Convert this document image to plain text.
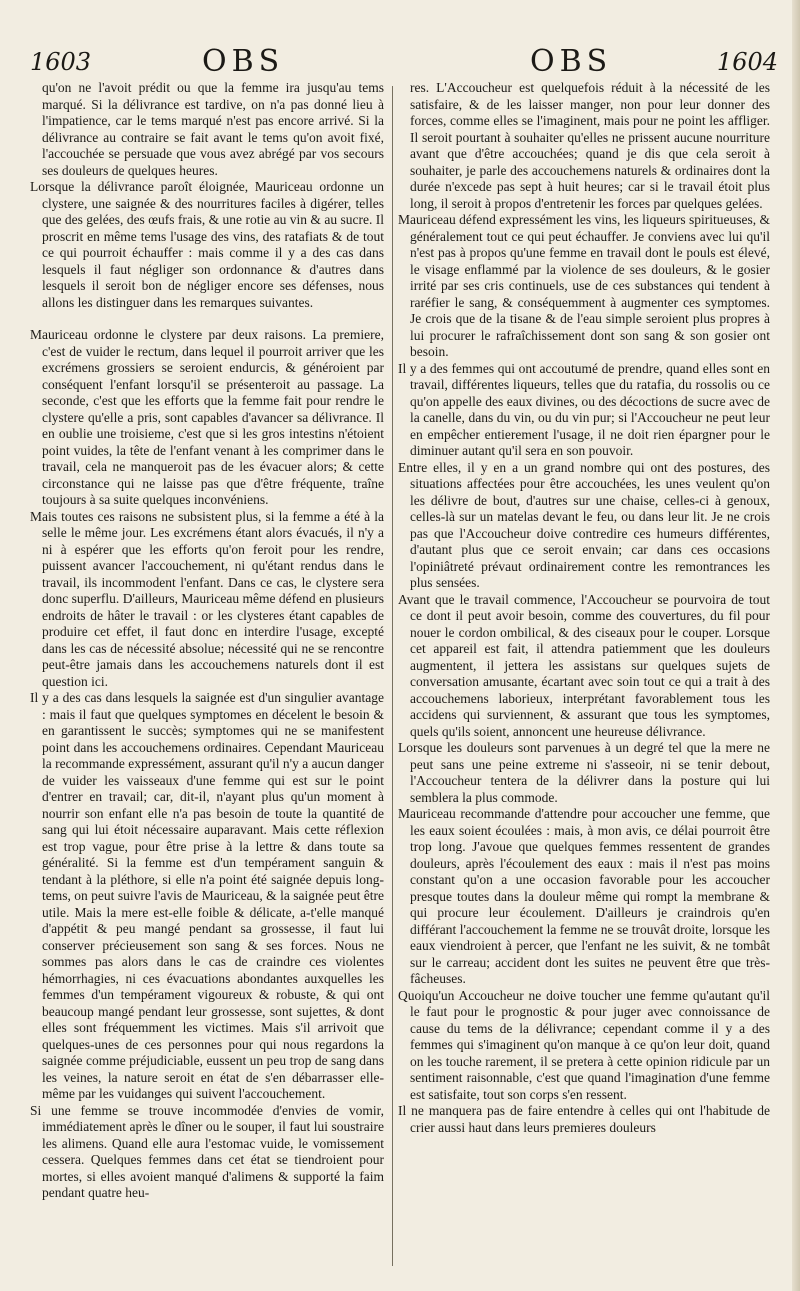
1603	OBS	OBS	1604

qu'on ne l'avoit prédit ou que la femme ira jusqu'au tems marqué. Si la délivrance est tardive, on n'a pas donné lieu à l'impatience, car le tems marqué n'est pas encore arrivé. Si la délivrance au contraire se fait avant le tems qu'on avoit fixé, l'accouchée se persuade que vous avez abrégé par vos secours ses douleurs de quelques heures.

Lorsque la délivrance paroît éloignée, Mauriceau ordonne un clystere, une saignée & des nourritures faciles à digérer, telles que des gelées, des œufs frais, & une rotie au vin & au sucre. Il proscrit en même tems l'usage des vins, des ratafiats & de tout ce qui pourroit échauffer : mais comme il y a des cas dans lesquels il faut négliger son ordonnance & d'autres dans lesquels il seroit bon de négliger encore ses défenses, nous allons les distinguer dans les remarques suivantes.

Mauriceau ordonne le clystere par deux raisons. La premiere, c'est de vuider le rectum, dans lequel il pourroit arriver que les excrémens grossiers se seroient endurcis, & généroient par conséquent l'enfant lorsqu'il se présenteroit au passage. La seconde, c'est que les efforts que la femme fait pour rendre le clystere qu'elle a pris, sont capables d'avancer sa délivrance. Il en oublie une troisieme, c'est que si les gros intestins n'étoient point vuides, la tête de l'enfant venant à les comprimer dans le travail, cela ne manqueroit pas de les évacuer alors; & cette circonstance qui ne laisse pas que d'être fréquente, traîne toujours à sa suite quelques inconvéniens.

Mais toutes ces raisons ne subsistent plus, si la femme a été à la selle le même jour. Les excrémens étant alors évacués, il n'y a ni à espérer que les efforts qu'on feroit pour les rendre, puissent avancer l'accouchement, ni qu'étant rendus dans le travail, ils incommodent l'enfant. Dans ce cas, le clystere sera donc superflu. D'ailleurs, Mauriceau même défend en plusieurs endroits de hâter le travail : or les clysteres étant capables de produire cet effet, il faut donc en interdire l'usage, excepté dans les cas de nécessité absolue; nécessité qui ne se rencontre peut-être jamais dans les accouchemens naturels dont il est question ici.

Il y a des cas dans lesquels la saignée est d'un singulier avantage : mais il faut que quelques symptomes en décelent le besoin & en garantissent le succès; symptomes qui ne se manifestent point dans les accouchemens ordinaires. Cependant Mauriceau la recommande expressément, assurant qu'il n'y a aucun danger de vuider les vaisseaux d'une femme qui est sur le point d'entrer en travail; car, dit-il, n'ayant plus qu'un moment à nourrir son enfant elle n'a pas besoin de toute la quantité de sang qui lui étoit nécessaire auparavant. Mais cette réflexion est trop vague, pour être prise à la lettre & dans toute sa généralité. Si la femme est d'un tempérament sanguin & tendant à la pléthore, si elle n'a point été saignée depuis long-tems, on peut suivre l'avis de Mauriceau, & la saignée peut être utile. Mais la mere est-elle foible & délicate, a-t'elle manqué d'appétit & peu mangé pendant sa grossesse, il faut lui conserver précieusement son sang & ses forces. Nous ne sommes pas alors dans le cas de craindre ces violentes hémorrhagies, ni ces évacuations abondantes auxquelles les femmes d'un tempérament vigoureux & robuste, & qui ont beaucoup mangé pendant leur grossesse, sont sujettes, & dont elles sont fréquemment les victimes. Mais s'il arrivoit que quelques-unes de ces personnes pour qui nous regardons la saignée comme préjudiciable, eussent un peu trop de sang dans les veines, la nature seroit en état de s'en débarrasser elle-même par les vuidanges qui suivent l'accouchement.

Si une femme se trouve incommodée d'envies de vomir, immédiatement après le dîner ou le souper, il faut lui soustraire les alimens. Quand elle aura l'estomac vuide, le vomissement cessera. Quelques femmes dans cet état se tiendroient pour mortes, si elles avoient manqué d'alimens & supporté la faim pendant quatre heu-

res. L'Accoucheur est quelquefois réduit à la nécessité de les satisfaire, & de les laisser manger, non pour leur donner des forces, comme elles se l'imaginent, mais pour ne point les affliger. Il seroit pourtant à souhaiter qu'elles ne prissent aucune nourriture avant que d'être accouchées; quand je dis que cela seroit à souhaiter, je parle des accouchemens naturels & ordinaires dont la durée n'excede pas sept à huit heures; car si le travail étoit plus long, il seroit à propos d'entretenir les forces par quelques gelées.

Mauriceau défend expressément les vins, les liqueurs spiritueuses, & généralement tout ce qui peut échauffer. Je conviens avec lui qu'il n'est pas à propos qu'une femme en travail dont le pouls est élevé, le visage enflammé par la violence de ses douleurs, & le gosier irrité par ses cris continuels, use de ces substances qui tendent à raréfier le sang, & conséquemment à augmenter ces symptomes. Je crois que de la tisane & de l'eau simple seroient plus propres à lui procurer le rafraîchissement dont son sang & son gosier ont besoin.

Il y a des femmes qui ont accoutumé de prendre, quand elles sont en travail, différentes liqueurs, telles que du ratafia, du rossolis ou ce qu'on appelle des eaux divines, ou des décoctions de sucre avec de la canelle, dans du vin, ou du vin pur; si l'Accoucheur ne peut leur en empêcher entierement l'usage, il ne doit rien épargner pour le diminuer autant qu'il sera en son pouvoir.

Entre elles, il y en a un grand nombre qui ont des postures, des situations affectées pour être accouchées, les unes veulent qu'on les délivre de bout, d'autres sur une chaise, celles-ci à genoux, celles-là sur un matelas devant le feu, ou dans leur lit. Je ne crois pas que l'Accoucheur doive contredire ces humeurs différentes, d'autant plus que ce seroit envain; car dans ces occasions l'opiniâtreté prévaut ordinairement contre les remontrances les plus sensées.

Avant que le travail commence, l'Accoucheur se pourvoira de tout ce dont il peut avoir besoin, comme des couvertures, du fil pour nouer le cordon ombilical, & des ciseaux pour le couper. Lorsque cet appareil est fait, il attendra patiemment que les douleurs augmentent, il jettera les assistans sur quelques sujets de conversation amusante, écartant avec soin tout ce qui a trait à des accouchemens laborieux, interprétant favorablement tous les accidens qui surviennent, & assurant que tous les symptomes, quels qu'ils soient, annoncent une heureuse délivrance.

Lorsque les douleurs sont parvenues à un degré tel que la mere ne peut sans une peine extreme ni s'asseoir, ni se tenir debout, l'Accoucheur tentera de la délivrer dans la posture qui lui semblera la plus commode.

Mauriceau recommande d'attendre pour accoucher une femme, que les eaux soient écoulées : mais, à mon avis, ce délai pourroit être trop long. J'avoue que quelques femmes ressentent de grandes douleurs, après l'écoulement des eaux : mais il n'est pas moins constant qu'on a une occasion favorable pour les accoucher presque toutes dans la douleur même qui rompt la membrane & qui procure leur écoulement. D'ailleurs je craindrois qu'en différant l'accouchement la femme ne se trouvât droite, lorsque les eaux viendroient à percer, que l'enfant ne les suivit, & ne tombât sur le carreau; accident dont les suites ne peuvent être que très-fâcheuses.

Quoiqu'un Accoucheur ne doive toucher une femme qu'autant qu'il le faut pour le prognostic & pour juger avec connoissance de cause du tems de la délivrance; cependant comme il y a des femmes qui s'imaginent qu'on manque à ce qu'on leur doit, quand on les touche rarement, il se pretera à cette opinion ridicule par un sentiment raisonnable, c'est que quand l'imagination d'une femme est satisfaite, tout son corps s'en ressent.

Il ne manquera pas de faire entendre à celles qui ont l'habitude de crier aussi haut dans leurs premieres douleurs
